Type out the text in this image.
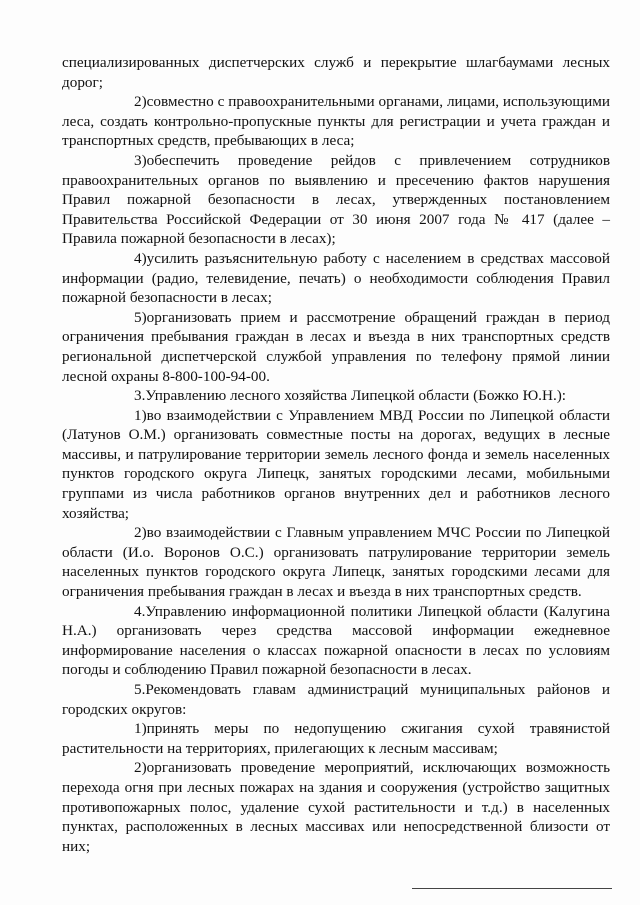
специализированных диспетчерских служб и перекрытие шлагбаумами лесных дорог;

2)совместно с правоохранительными органами, лицами, использующими леса, создать контрольно-пропускные пункты для регистрации и учета граждан и транспортных средств, пребывающих в леса;

3)обеспечить проведение рейдов с привлечением сотрудников правоохранительных органов по выявлению и пресечению фактов нарушения Правил пожарной безопасности в лесах, утвержденных постановлением Правительства Российской Федерации от 30 июня 2007 года № 417 (далее – Правила пожарной безопасности в лесах);

4)усилить разъяснительную работу с населением в средствах массовой информации (радио, телевидение, печать) о необходимости соблюдения Правил пожарной безопасности в лесах;

5)организовать прием и рассмотрение обращений граждан в период ограничения пребывания граждан в лесах и въезда в них транспортных средств региональной диспетчерской службой управления по телефону прямой линии лесной охраны 8-800-100-94-00.

3.Управлению лесного хозяйства Липецкой области (Божко Ю.Н.):

1)во взаимодействии с Управлением МВД России по Липецкой области (Латунов О.М.) организовать совместные посты на дорогах, ведущих в лесные массивы, и патрулирование территории земель лесного фонда и земель населенных пунктов городского округа Липецк, занятых городскими лесами, мобильными группами из числа работников органов внутренних дел и работников лесного хозяйства;

2)во взаимодействии с Главным управлением МЧС России по Липецкой области (И.о. Воронов О.С.) организовать патрулирование территории земель населенных пунктов городского округа Липецк, занятых городскими лесами для ограничения пребывания граждан в лесах и въезда в них транспортных средств.

4.Управлению информационной политики Липецкой области (Калугина Н.А.) организовать через средства массовой информации ежедневное информирование населения о классах пожарной опасности в лесах по условиям погоды и соблюдению Правил пожарной безопасности в лесах.

5.Рекомендовать главам администраций муниципальных районов и городских округов:

1)принять меры по недопущению сжигания сухой травянистой растительности на территориях, прилегающих к лесным массивам;

2)организовать проведение мероприятий, исключающих возможность перехода огня при лесных пожарах на здания и сооружения (устройство защитных противопожарных полос, удаление сухой растительности и т.д.) в населенных пунктах, расположенных в лесных массивах или непосредственной близости от них;
